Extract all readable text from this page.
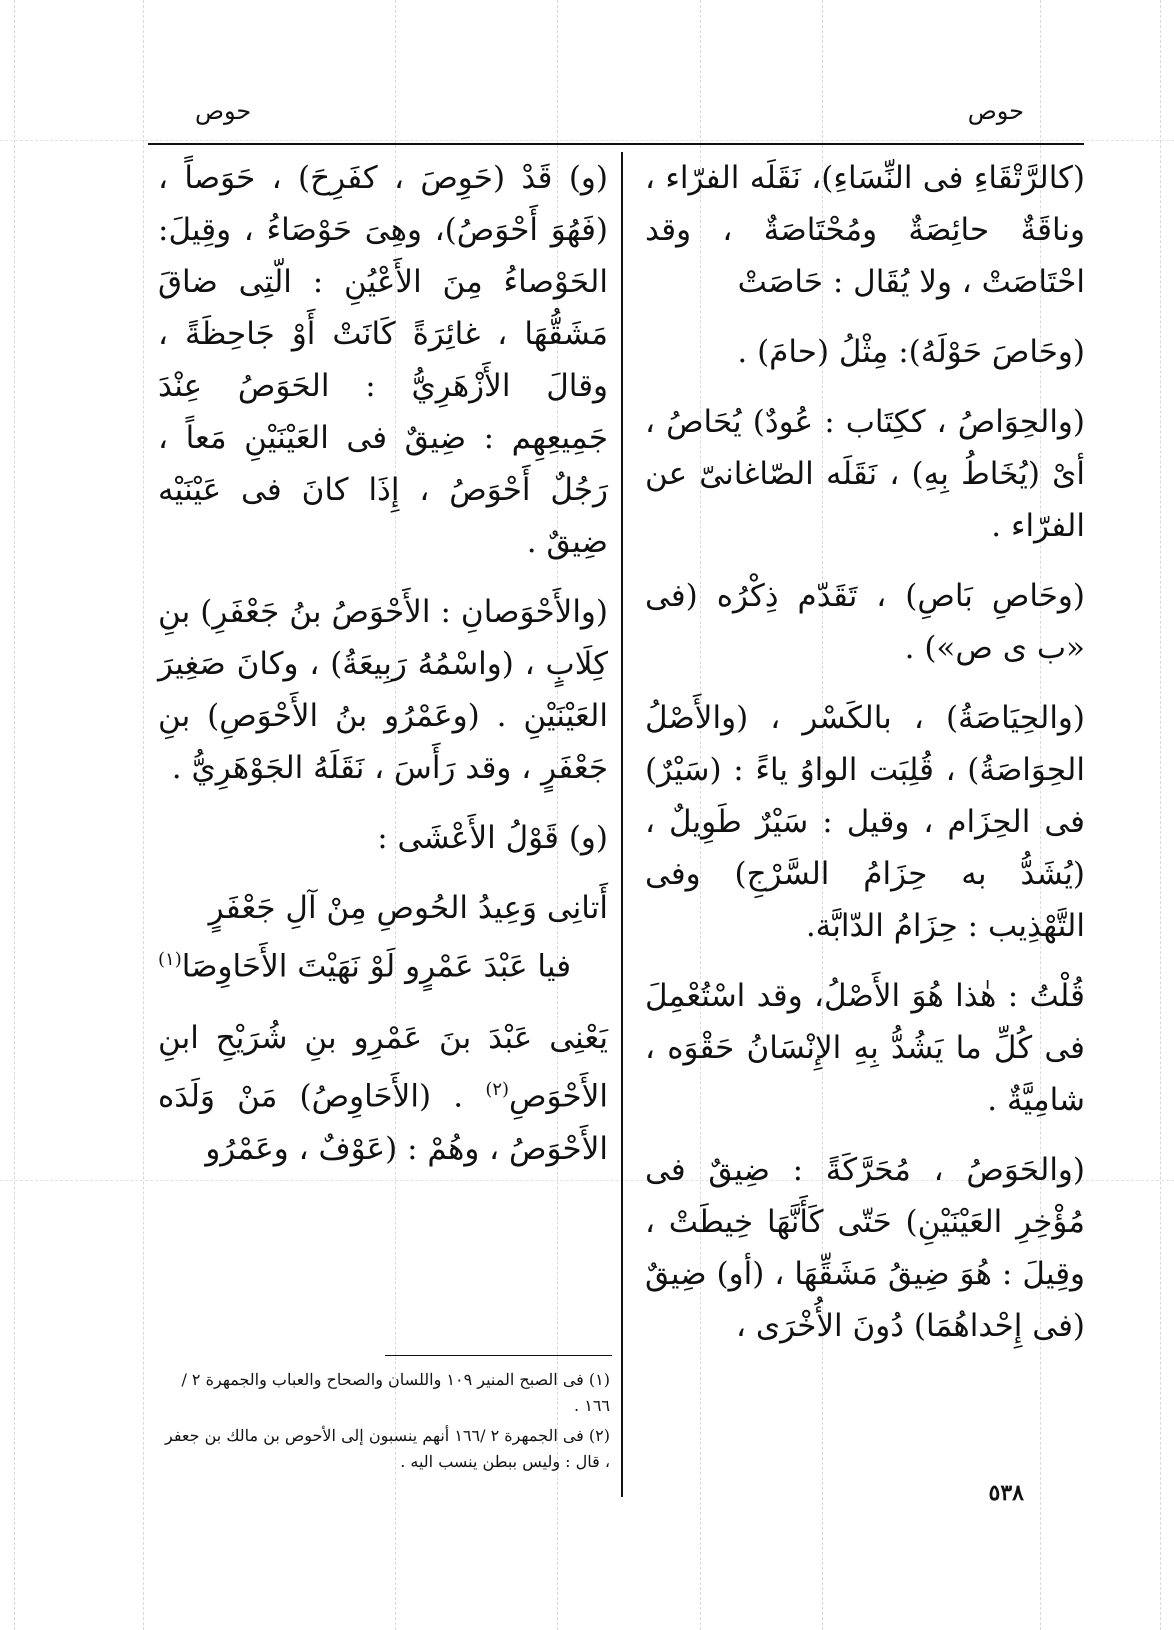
حوص
حوص

(كالرَّتْقَاءِ فى النِّسَاءِ)، نَقَلَه الفرّاء ، وناقَةٌ حائِصَةٌ ومُحْتَاصَةٌ ، وقد احْتَاصَتْ ، ولا يُقَال : حَاصَتْ

(وحَاصَ حَوْلَهُ): مِثْلُ (حامَ) .

(والحِوَاصُ ، ككِتَاب : عُودٌ) يُحَاصُ ، أىْ (يُخَاطُ بِهِ) ، نَقَلَه الصّاغانىّ عن الفرّاء .

(وحَاصِ بَاصِ) ، تَقَدّم ذِكْرُه (فى «ب ى ص») .

(والحِيَاصَةُ) ، بالكَسْر ، (والأَصْلُ الحِوَاصَةُ) ، قُلِبَت الواوُ ياءً : (سَيْرٌ) فى الحِزَام ، وقيل : سَيْرٌ طَوِيلٌ ، (يُشَدُّ به حِزَامُ السَّرْجِ) وفى التَّهْذِيب : حِزَامُ الدّابَّة.

قُلْتُ : هٰذا هُوَ الأَصْلُ، وقد اسْتُعْمِلَ فى كُلِّ ما يَشُدُّ بِهِ الإِنْسَانُ حَقْوَه ، شامِيَّةٌ .

(والحَوَصُ ، مُحَرَّكَةً : ضِيقٌ فى مُؤْخِرِ العَيْنَيْنِ) حَتّى كَأَنَّهَا خِيطَتْ ، وقِيلَ : هُوَ ضِيقُ مَشَقِّهَا ، (أو) ضِيقٌ (فى إِحْداهُمَا) دُونَ الأُخْرَى ،

(و) قَدْ (حَوِصَ ، كفَرِحَ) ، حَوَصاً ، (فَهُوَ أَحْوَصُ)، وهِىَ حَوْصَاءُ ، وقِيلَ: الحَوْصاءُ مِنَ الأَعْيُنِ : الّتِى ضاقَ مَشَقُّهَا ، غائِرَةً كَانَتْ أَوْ جَاحِظَةً ، وقالَ الأَزْهَرِيُّ : الحَوَصُ عِنْدَ جَمِيعِهِم : ضِيقٌ فى العَيْنَيْنِ مَعاً ، رَجُلٌ أَحْوَصُ ، إِذَا كانَ فى عَيْنَيْه ضِيقٌ .

(والأَحْوَصانِ : الأَحْوَصُ بنُ جَعْفَرِ) بنِ كِلَابٍ ، (واسْمُهُ رَبِيعَةُ) ، وكانَ صَغِيرَ العَيْنَيْنِ . (وعَمْرُو بنُ الأَحْوَصِ) بنِ جَعْفَرٍ ، وقد رَأَسَ ، نَقَلَهُ الجَوْهَرِيُّ .

(و) قَوْلُ الأَعْشَى :

أَتانِى وَعِيدُ الحُوصِ مِنْ آلِ جَعْفَرٍ
فيا عَبْدَ عَمْرٍو لَوْ نَهَيْتَ الأَحَاوِصَا$^{(١)}$

يَعْنِى عَبْدَ بنَ عَمْرِو بنِ شُرَيْحِ ابنِ الأَحْوَصِ$^{(٢)}$ . (الأَحَاوِصُ) مَنْ وَلَدَه الأَحْوَصُ ، وهُمْ : (عَوْفٌ ، وعَمْرُو

(١) فى الصبح المنير ١٠٩ واللسان والصحاح والعباب والجمهرة ٢ /١٦٦ .
(٢) فى الجمهرة ٢ /١٦٦ أنهم ينسبون إلى الأحوص بن مالك بن جعفر ، قال : وليس ببطن ينسب اليه .
٥٣٨
